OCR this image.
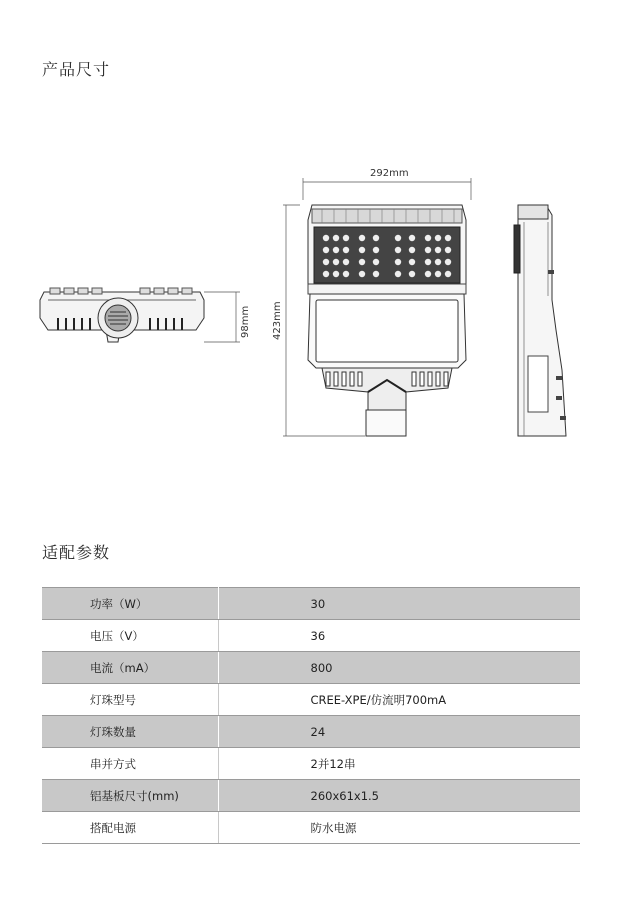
产品尺寸
98mm
292mm
423mm
适配参数
功率（W）	30
电压（V）	36
电流（mA）	800
灯珠型号	CREE-XPE/仿流明700mA
灯珠数量	24
串并方式	2并12串
铝基板尺寸(mm)	260x61x1.5
搭配电源	防水电源
